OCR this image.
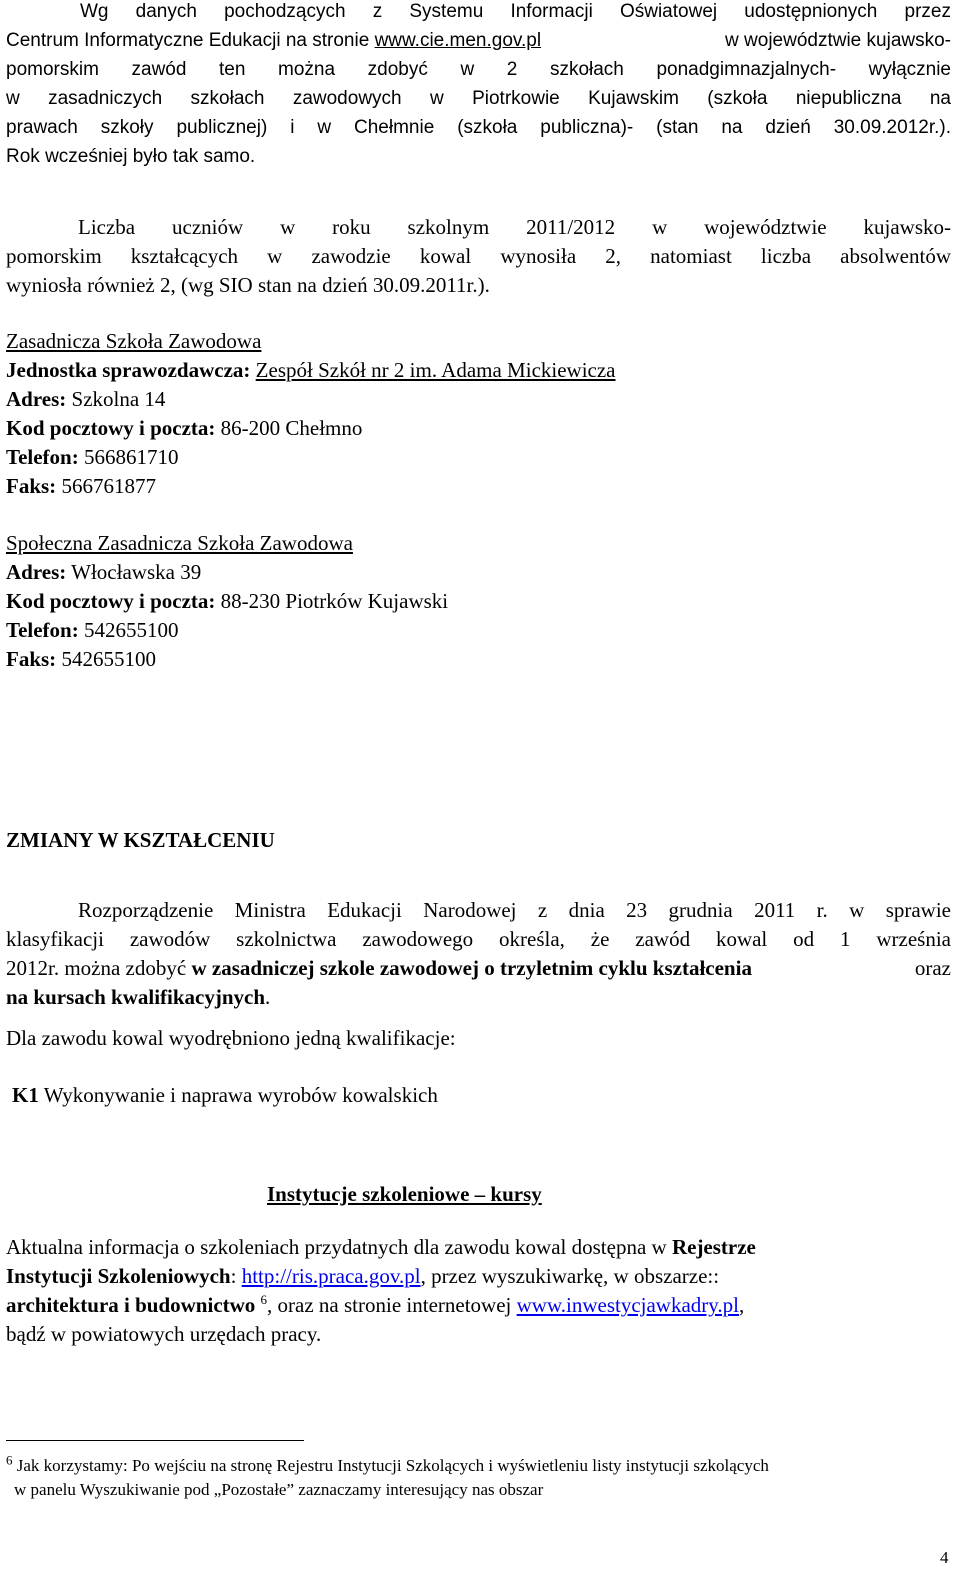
Wg danych pochodzących z Systemu Informacji Oświatowej udostępnionych przez
Centrum Informatyczne Edukacji na stronie www.cie.men.gov.pl	w województwie kujawsko-
pomorskim zawód ten można zdobyć w 2 szkołach ponadgimnazjalnych- wyłącznie
w zasadniczych szkołach zawodowych w Piotrkowie Kujawskim (szkoła niepubliczna na
prawach szkoły publicznej) i w Chełmnie (szkoła publiczna)- (stan na dzień 30.09.2012r.).
Rok wcześniej było tak samo.
Liczba uczniów w roku szkolnym 2011/2012 w województwie kujawsko-
pomorskim kształcących w zawodzie kowal wynosiła 2, natomiast liczba absolwentów
wyniosła również 2, (wg SIO stan na dzień 30.09.2011r.).
Zasadnicza Szkoła Zawodowa
Jednostka sprawozdawcza: Zespół Szkół nr 2 im. Adama Mickiewicza
Adres: Szkolna 14
Kod pocztowy i poczta: 86-200 Chełmno
Telefon: 566861710
Faks: 566761877
Społeczna Zasadnicza Szkoła Zawodowa
Adres: Włocławska 39
Kod pocztowy i poczta: 88-230 Piotrków Kujawski
Telefon: 542655100
Faks: 542655100
ZMIANY W KSZTAŁCENIU
Rozporządzenie Ministra Edukacji Narodowej z dnia 23 grudnia 2011 r. w sprawie
klasyfikacji zawodów szkolnictwa zawodowego określa, że zawód kowal od 1 września
2012r. można zdobyć w zasadniczej szkole zawodowej o trzyletnim cyklu kształcenia	oraz
na kursach kwalifikacyjnych.
Dla zawodu kowal wyodrębniono jedną kwalifikacje:
K1 Wykonywanie i naprawa wyrobów kowalskich
Instytucje szkoleniowe – kursy
Aktualna informacja o szkoleniach przydatnych dla zawodu kowal dostępna w Rejestrze
Instytucji Szkoleniowych: http://ris.praca.gov.pl, przez wyszukiwarkę, w obszarze::
architektura i budownictwo $^6$, oraz na stronie internetowej www.inwestycjawkadry.pl,
bądź w powiatowych urzędach pracy.
$^6$ Jak korzystamy: Po wejściu na stronę Rejestru Instytucji Szkolących i wyświetleniu listy instytucji szkolących
w panelu Wyszukiwanie pod „Pozostałe” zaznaczamy interesujący nas obszar
4
